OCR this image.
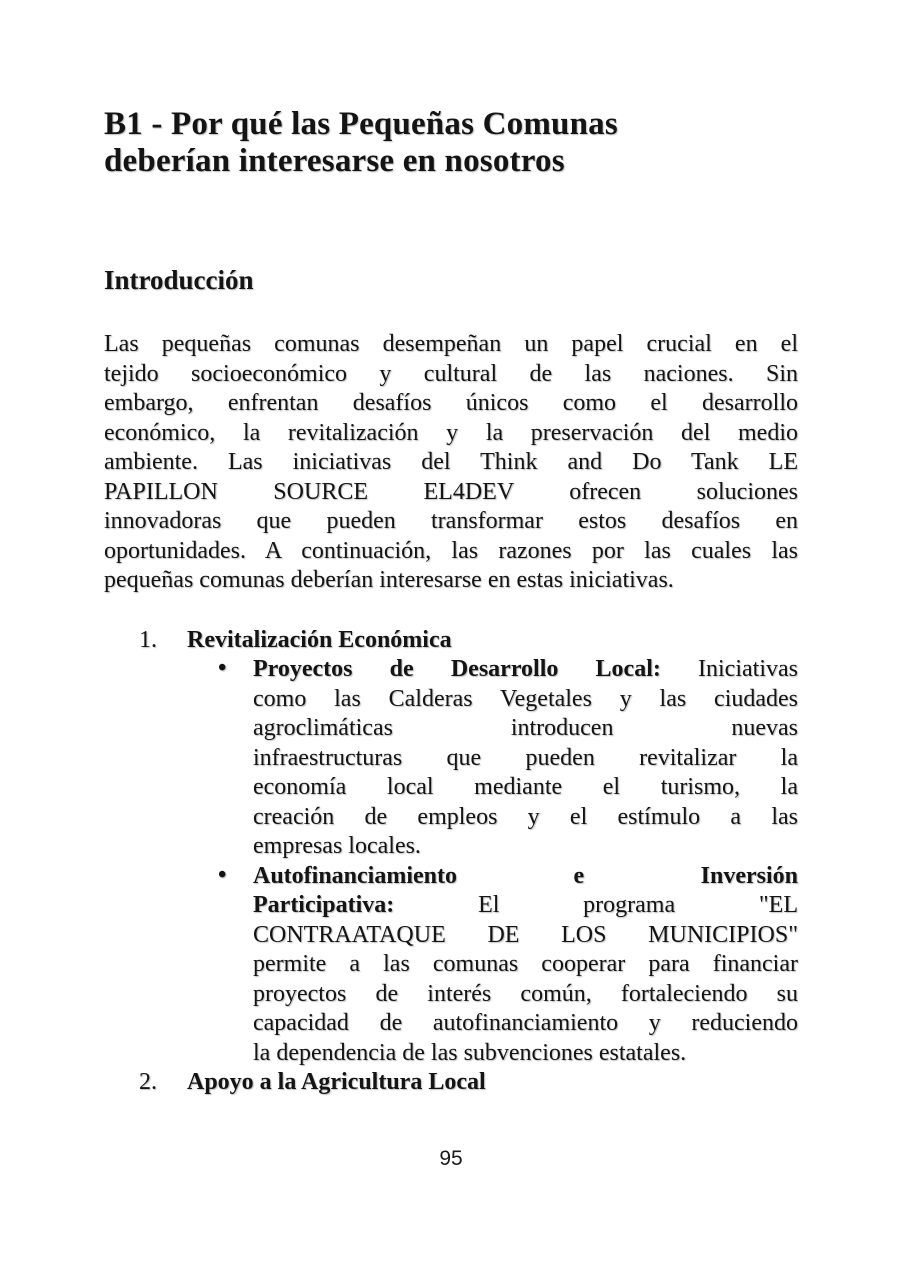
B1 - Por qué las Pequeñas Comunas
deberían interesarse en nosotros
Introducción
Las pequeñas comunas desempeñan un papel crucial en el
tejido socioeconómico y cultural de las naciones. Sin
embargo, enfrentan desafíos únicos como el desarrollo
económico, la revitalización y la preservación del medio
ambiente. Las iniciativas del Think and Do Tank LE
PAPILLON SOURCE EL4DEV ofrecen soluciones
innovadoras que pueden transformar estos desafíos en
oportunidades. A continuación, las razones por las cuales las
pequeñas comunas deberían interesarse en estas iniciativas.
1. Revitalización Económica
• Proyectos de Desarrollo Local: Iniciativas
como las Calderas Vegetales y las ciudades
agroclimáticas introducen nuevas
infraestructuras que pueden revitalizar la
economía local mediante el turismo, la
creación de empleos y el estímulo a las
empresas locales.
• Autofinanciamiento e Inversión
Participativa: El programa "EL
CONTRAATAQUE DE LOS MUNICIPIOS"
permite a las comunas cooperar para financiar
proyectos de interés común, fortaleciendo su
capacidad de autofinanciamiento y reduciendo
la dependencia de las subvenciones estatales.
2. Apoyo a la Agricultura Local
95
